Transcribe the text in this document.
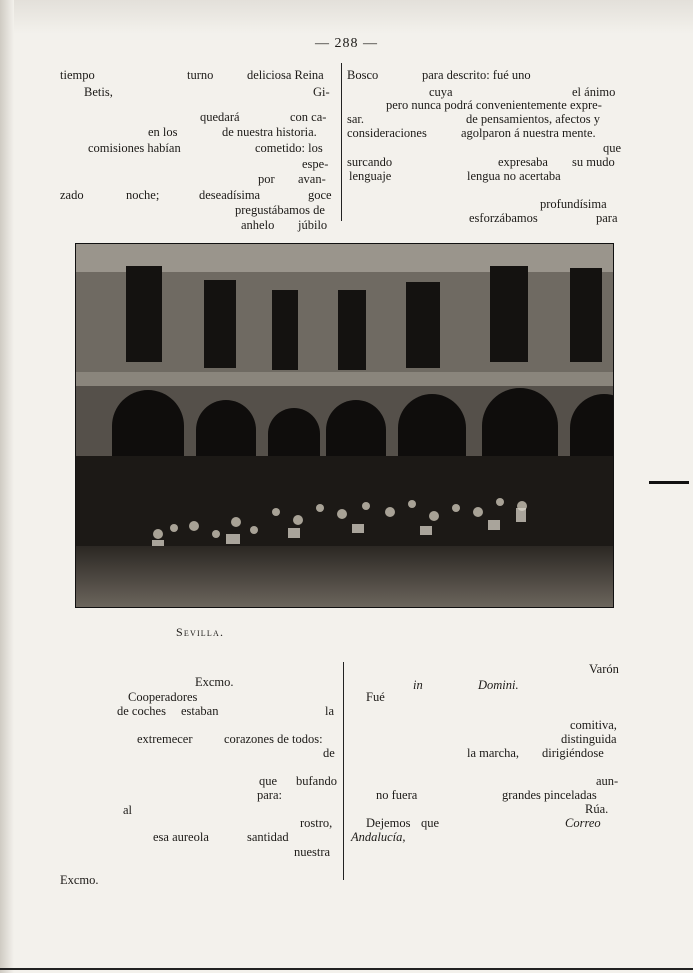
— 288 —
tiempo	turno	deliciosa Reina
Betis,	Gi-
quedará	con ca-
en los	de nuestra historia.
comisiones habían	cometido: los
espe-
por avan-
zado	noche;	deseadísima	goce
pregustábamos de
anhelo júbilo
Bosco	para descrito: fué uno
cuya	el ánimo
pero nunca podrá convenientemente expre-
sar.	de pensamientos, afectos y
consideraciones	agolparon á nuestra mente.
que
surcando	expresaba su mudo
lenguaje	lengua no acertaba
profundísima
esforzábamos	para
Sevilla.
Excmo.
Cooperadores
de coches estaban	la
extremecer	corazones de todos:
de
que bufando
para:
al
rostro,
esa aureola	santidad
nuestra
Excmo.
Varón
in	Domini.
Fué
comitiva,
distinguida
la marcha, dirigiéndose
aun-
no fuera	grandes pinceladas
Rúa.
Dejemos que	Correo
Andalucía,
